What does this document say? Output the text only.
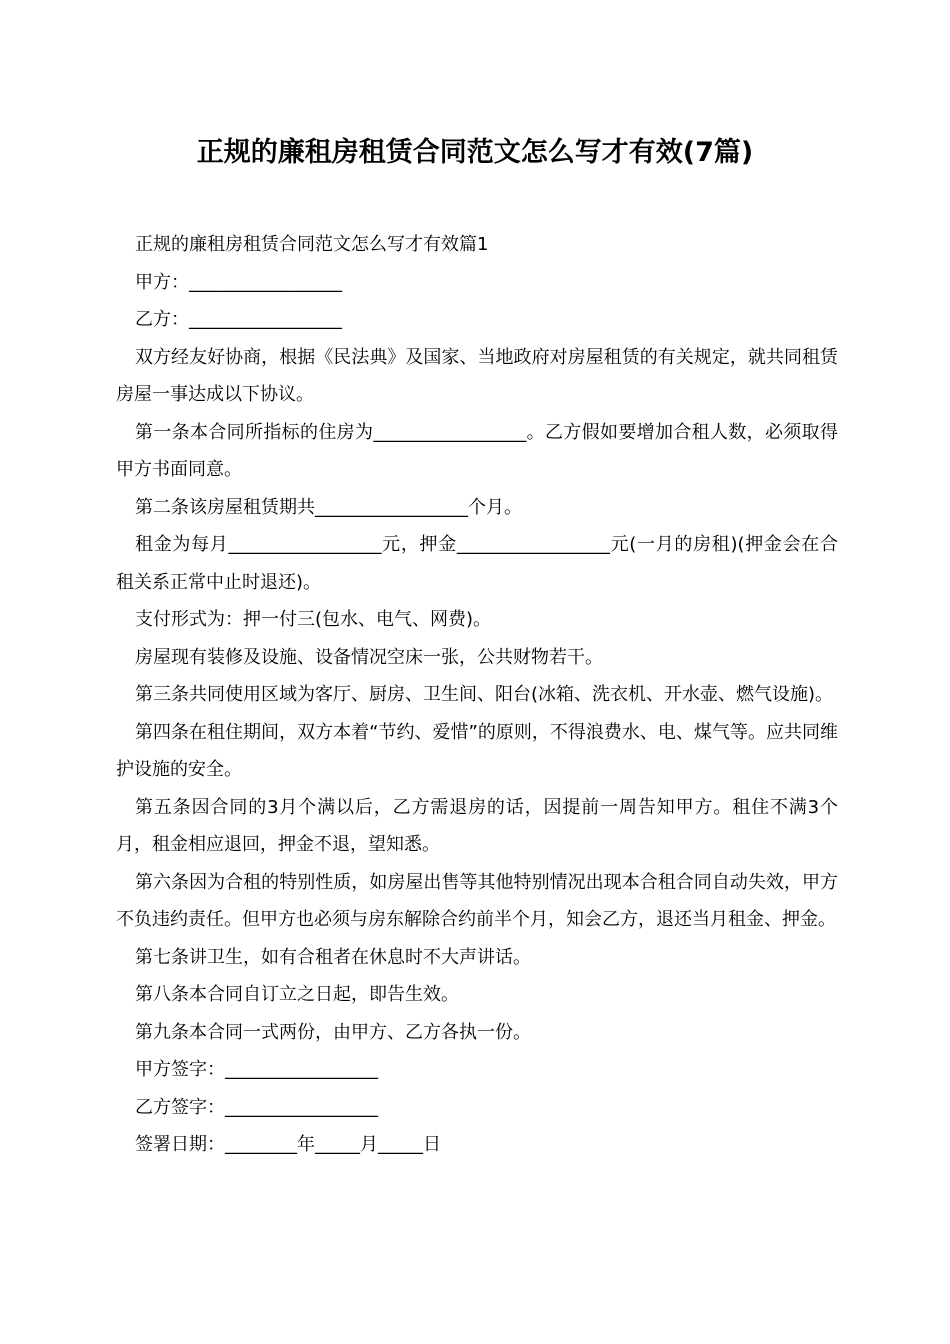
正规的廉租房租赁合同范文怎么写才有效(7篇)

正规的廉租房租赁合同范文怎么写才有效篇1

甲方：_________________

乙方：_________________

双方经友好协商，根据《民法典》及国家、当地政府对房屋租赁的有关规定，就共同租赁房屋一事达成以下协议。

第一条本合同所指标的住房为_________________。乙方假如要增加合租人数，必须取得甲方书面同意。

第二条该房屋租赁期共_________________个月。

租金为每月_________________元，押金_________________元(一月的房租)(押金会在合租关系正常中止时退还)。

支付形式为：押一付三(包水、电气、网费)。

房屋现有装修及设施、设备情况空床一张，公共财物若干。

第三条共同使用区域为客厅、厨房、卫生间、阳台(冰箱、洗衣机、开水壶、燃气设施)。

第四条在租住期间，双方本着“节约、爱惜”的原则，不得浪费水、电、煤气等。应共同维护设施的安全。

第五条因合同的3月个满以后，乙方需退房的话，因提前一周告知甲方。租住不满3个月，租金相应退回，押金不退，望知悉。

第六条因为合租的特别性质，如房屋出售等其他特别情况出现本合租合同自动失效，甲方不负违约责任。但甲方也必须与房东解除合约前半个月，知会乙方，退还当月租金、押金。

第七条讲卫生，如有合租者在休息时不大声讲话。

第八条本合同自订立之日起，即告生效。

第九条本合同一式两份，由甲方、乙方各执一份。

甲方签字：_________________

乙方签字：_________________

签署日期：________年_____月_____日
